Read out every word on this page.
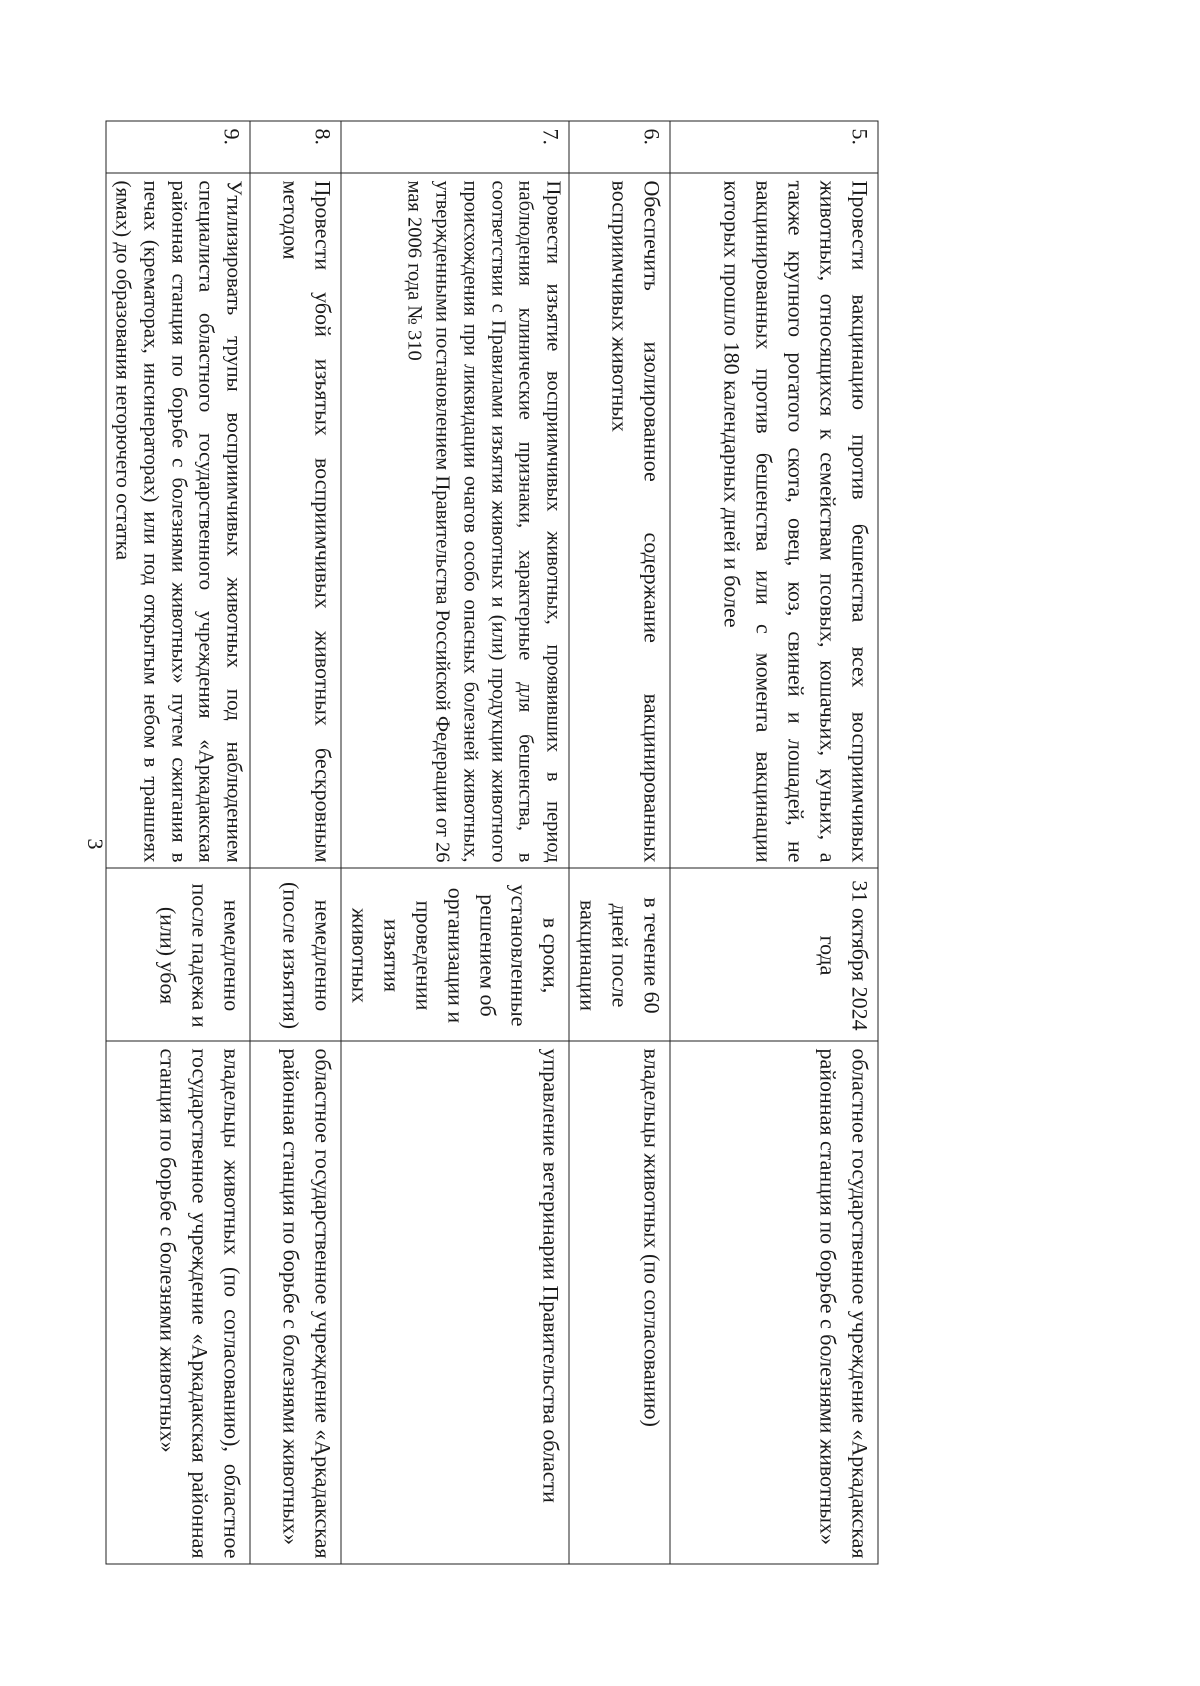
3
5.	Провести вакцинацию против бешенства всех восприимчивых животных, относящихся к семействам псовых, кошачьих, куньих, а также крупного рогатого скота, овец, коз, свиней и лошадей, не вакцинированных против бешенства или с момента вакцинации которых прошло 180 календарных дней и более	31 октября 2024 года	областное государственное учреждение «Аркадакская районная станция по борьбе с болезнями животных»
6.	Обеспечить изолированное содержание вакцинированных восприимчивых животных	в течение 60 дней после вакцинации	владельцы животных (по согласованию)
7.	Провести изъятие восприимчивых животных, проявивших в период наблюдения клинические признаки, характерные для бешенства, в соответствии с Правилами изъятия животных и (или) продукции животного происхождения при ликвидации очагов особо опасных болезней животных, утвержденными постановлением Правительства Российской Федерации от 26 мая 2006 года № 310	в сроки, установленные решением об организации и проведении изъятия животных	управление ветеринарии Правительства области
8.	Провести убой изъятых восприимчивых животных бескровным методом	немедленно (после изъятия)	областное государственное учреждение «Аркадакская районная станция по борьбе с болезнями животных»
9.	Утилизировать трупы восприимчивых животных под наблюдением специалиста областного государственного учреждения «Аркадакская районная станция по борьбе с болезнями животных» путем сжигания в печах (крематорах, инсинераторах) или под открытым небом в траншеях (ямах) до образования негорючего остатка	немедленно после падежа и (или) убоя	владельцы животных (по согласованию), областное государственное учреждение «Аркадакская районная станция по борьбе с болезнями животных»
